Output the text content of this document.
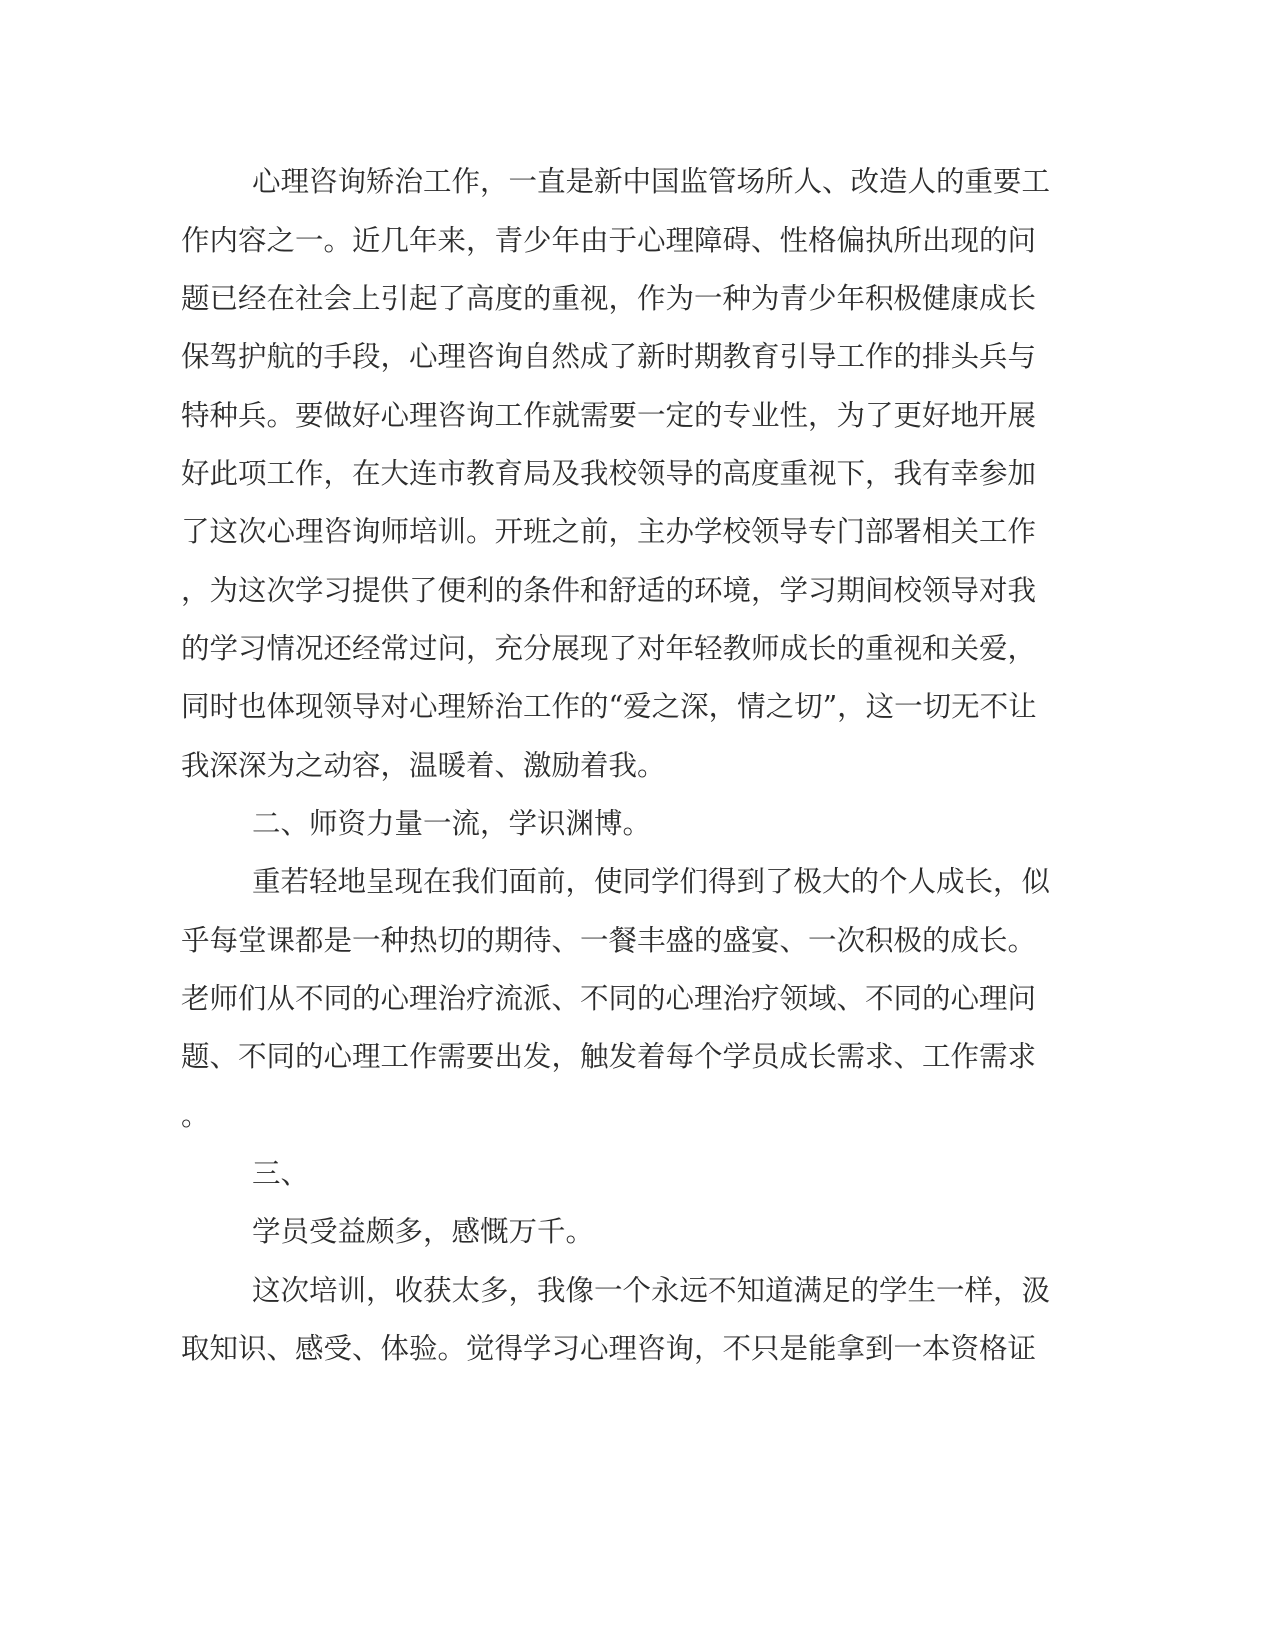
心理咨询矫治工作，一直是新中国监管场所人、改造人的重要工

作内容之一。近几年来，青少年由于心理障碍、性格偏执所出现的问

题已经在社会上引起了高度的重视，作为一种为青少年积极健康成长

保驾护航的手段，心理咨询自然成了新时期教育引导工作的排头兵与

特种兵。要做好心理咨询工作就需要一定的专业性，为了更好地开展

好此项工作，在大连市教育局及我校领导的高度重视下，我有幸参加

了这次心理咨询师培训。开班之前，主办学校领导专门部署相关工作

，为这次学习提供了便利的条件和舒适的环境，学习期间校领导对我

的学习情况还经常过问，充分展现了对年轻教师成长的重视和关爱，

同时也体现领导对心理矫治工作的“爱之深，情之切”，这一切无不让

我深深为之动容，温暖着、激励着我。

二、师资力量一流，学识渊博。

重若轻地呈现在我们面前，使同学们得到了极大的个人成长，似

乎每堂课都是一种热切的期待、一餐丰盛的盛宴、一次积极的成长。

老师们从不同的心理治疗流派、不同的心理治疗领域、不同的心理问

题、不同的心理工作需要出发，触发着每个学员成长需求、工作需求

。

三、

学员受益颇多，感慨万千。

这次培训，收获太多，我像一个永远不知道满足的学生一样，汲

取知识、感受、体验。觉得学习心理咨询，不只是能拿到一本资格证
